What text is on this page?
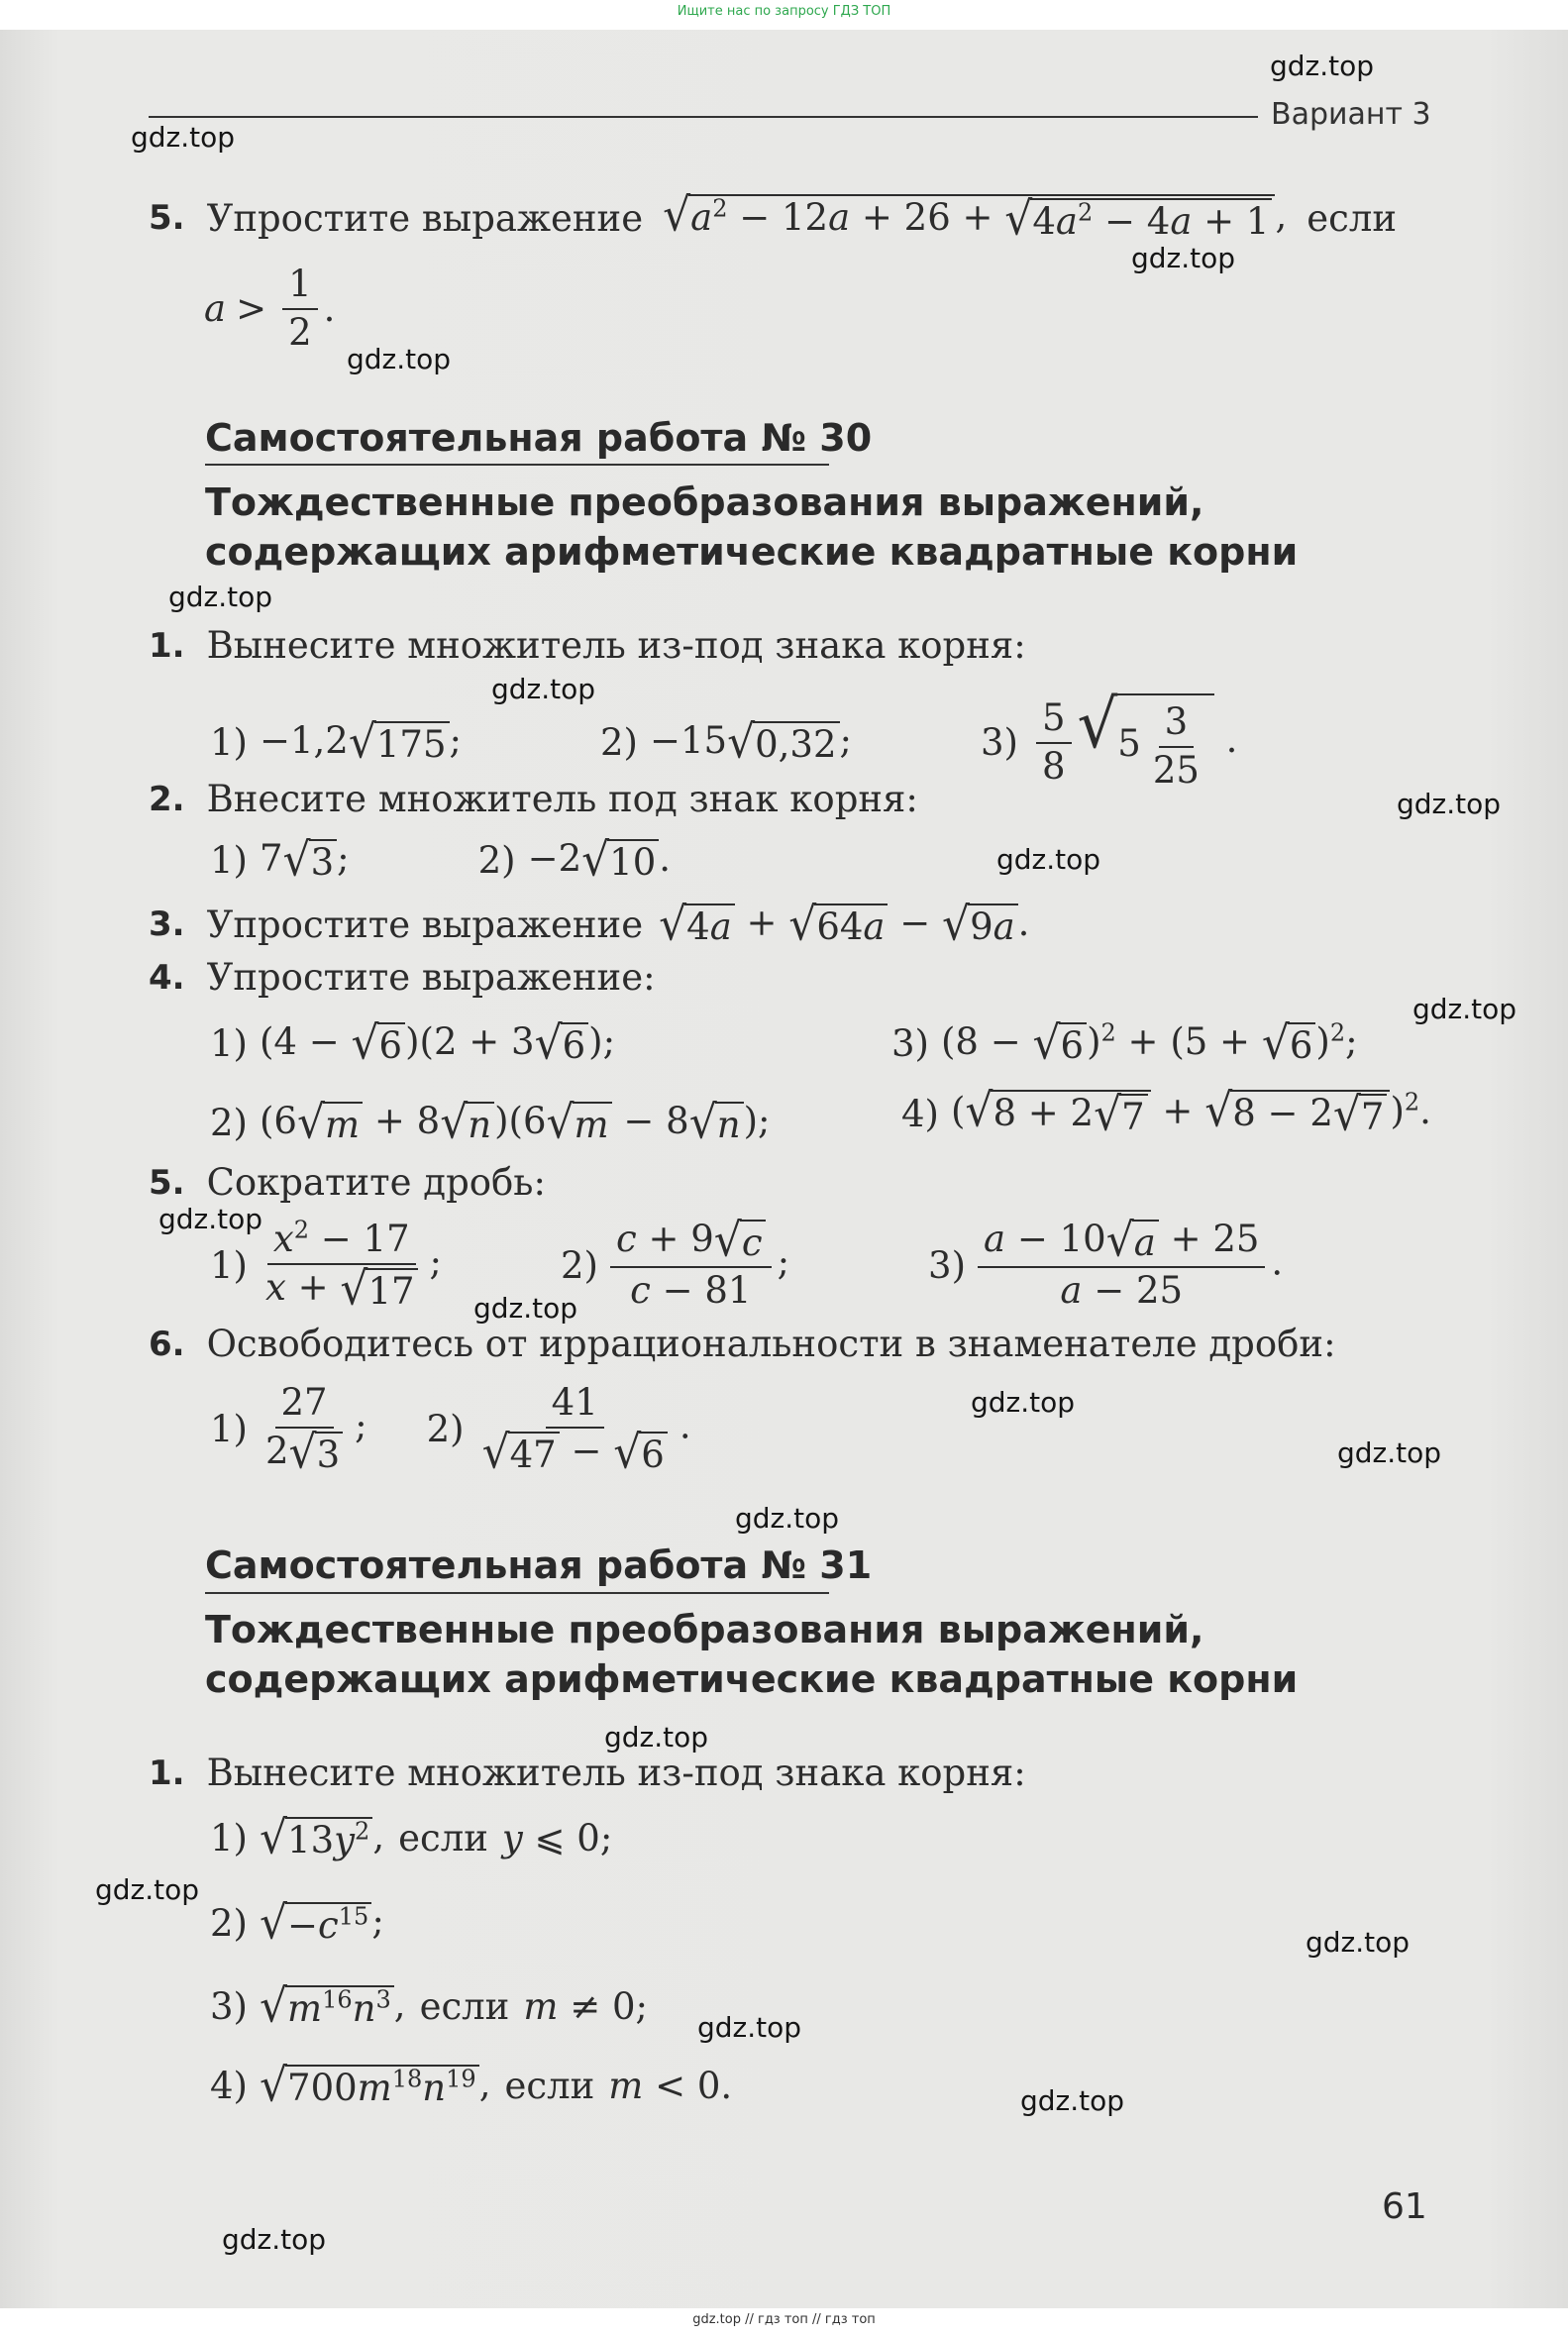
Ищите нас по запросу ГДЗ ТОП
Вариант 3
gdz.top
gdz.top
gdz.top
gdz.top
gdz.top
gdz.top
gdz.top
gdz.top
gdz.top
gdz.top
gdz.top
gdz.top
gdz.top
gdz.top
gdz.top
gdz.top
gdz.top
gdz.top
gdz.top
gdz.top
5. Упростите выражение √ $a^2 - 12a + 26$ + √ $4a^2 - 4a + 1$ , если
$a > \frac{1}{2}$ .
Самостоятельная работа № 30
Тождественные преобразования выражений,
содержащих арифметические квадратные корни
1. Вынесите множитель из-под знака корня:
1) −1,2 √ 175 ;	2) −15 √ 0,32 ;	$3) \frac{5}{8}$ √ $5 \frac{3}{25}$ .
2. Внесите множитель под знак корня:
1) 7 √ 3 ;	2) −2 √ 10 .
3. Упростите выражение √ 4a + √ 64a − √ 9a .
4. Упростите выражение:
1) (4 − √ 6 )(2 + 3 √ 6 );	3) (8 − √ 6 )$^2$ + (5 + √ 6 )$^2$;
2) (6 √ m + 8 √ n )(6 √ m − 8 √ n );	4) ( √ 8 + 2 √ 7 + √ 8 − 2 √ 7 )$^2$.
5. Сократите дробь:
$1) \frac{x^2 - 17}{x + √ 17}$ ;	$2) \frac{c + 9 √ c}{c - 81}$ ;	$3) \frac{a - 10 √ a + 25}{a - 25}$ .
6. Освободитесь от иррациональности в знаменателе дроби:
$1) \frac{27}{2 √ 3}$ ; $2) \frac{41}{√ 47 - √ 6}$ .
Самостоятельная работа № 31
Тождественные преобразования выражений,
содержащих арифметические квадратные корни
1. Вынесите множитель из-под знака корня:
1) √ $13y^2$ , если y ⩽ 0;
2) √ $-c^{15}$ ;
3) √ $m^{16}n^3$ , если m ≠ 0;
4) √ $700m^{18}n^{19}$ , если m < 0.
61
gdz.top // гдз топ // гдз топ
